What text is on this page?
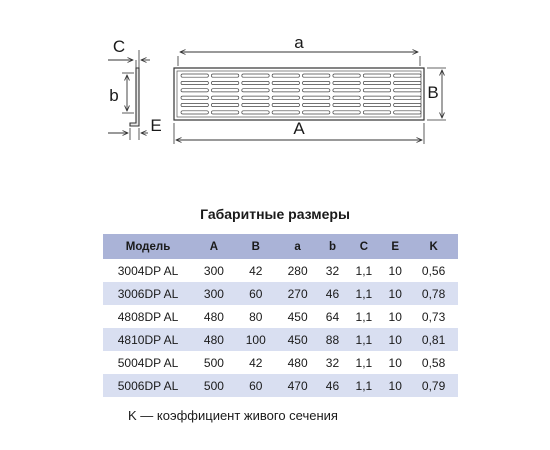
a
A
B
C
b
E
Габаритные размеры
Модель	A	B	a	b	C	E	K
3004DP AL	300	42	280	32	1,1	10	0,56
3006DP AL	300	60	270	46	1,1	10	0,78
4808DP AL	480	80	450	64	1,1	10	0,73
4810DP AL	480	100	450	88	1,1	10	0,81
5004DP AL	500	42	480	32	1,1	10	0,58
5006DP AL	500	60	470	46	1,1	10	0,79
K — коэффициент живого сечения
